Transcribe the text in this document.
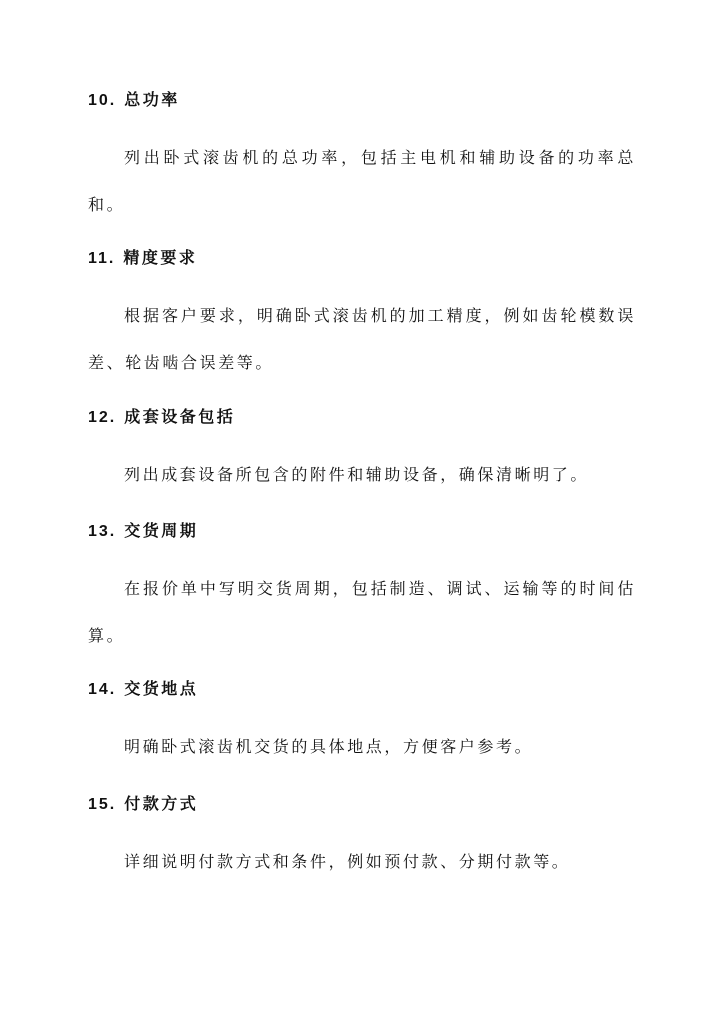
10. 总功率

列出卧式滚齿机的总功率，包括主电机和辅助设备的功率总和。

11. 精度要求

根据客户要求，明确卧式滚齿机的加工精度，例如齿轮模数误差、轮齿啮合误差等。

12. 成套设备包括

列出成套设备所包含的附件和辅助设备，确保清晰明了。

13. 交货周期

在报价单中写明交货周期，包括制造、调试、运输等的时间估算。

14. 交货地点

明确卧式滚齿机交货的具体地点，方便客户参考。

15. 付款方式

详细说明付款方式和条件，例如预付款、分期付款等。
